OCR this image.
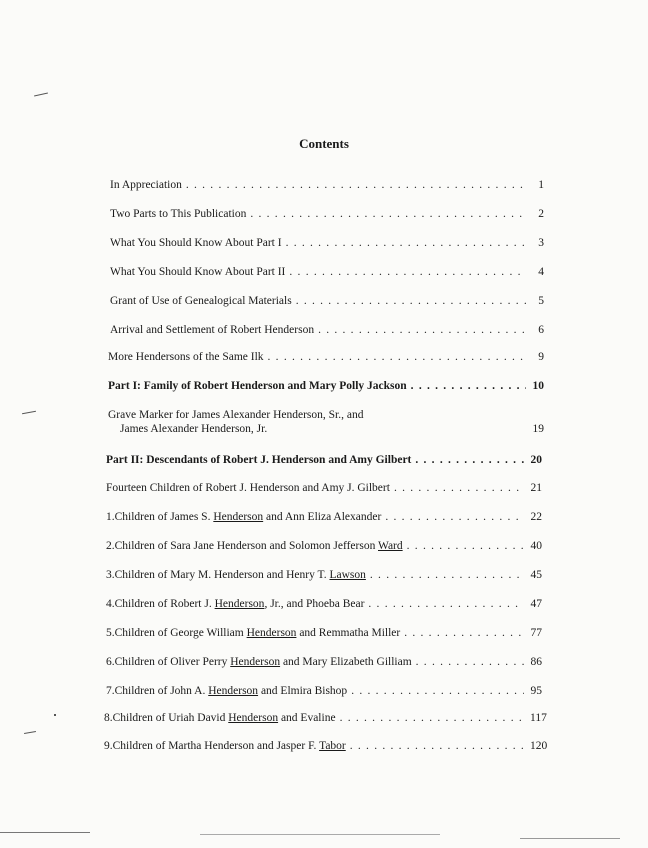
Contents
In Appreciation . . .	1
Two Parts to This Publication . . .	2
What You Should Know About Part I . . .	3
What You Should Know About Part II . . .	4
Grant of Use of Genealogical Materials . . .	5
Arrival and Settlement of Robert Henderson . . .	6
More Hendersons of the Same Ilk . . .	9
Part I: Family of Robert Henderson and Mary Polly Jackson . . .	10
Grave Marker for James Alexander Henderson, Sr., and
James Alexander Henderson, Jr.	19
Part II: Descendants of Robert J. Henderson and Amy Gilbert . . .	20
Fourteen Children of Robert J. Henderson and Amy J. Gilbert . . .	21
1. Children of James S. Henderson and Ann Eliza Alexander . . .	22
2. Children of Sara Jane Henderson and Solomon Jefferson Ward . . .	40
3. Children of Mary M. Henderson and Henry T. Lawson . . .	45
4. Children of Robert J. Henderson, Jr., and Phoeba Bear . . .	47
5. Children of George William Henderson and Remmatha Miller . . .	77
6. Children of Oliver Perry Henderson and Mary Elizabeth Gilliam . . .	86
7. Children of John A. Henderson and Elmira Bishop . . .	95
8. Children of Uriah David Henderson and Evaline . . .	117
9. Children of Martha Henderson and Jasper F. Tabor . . .	120
